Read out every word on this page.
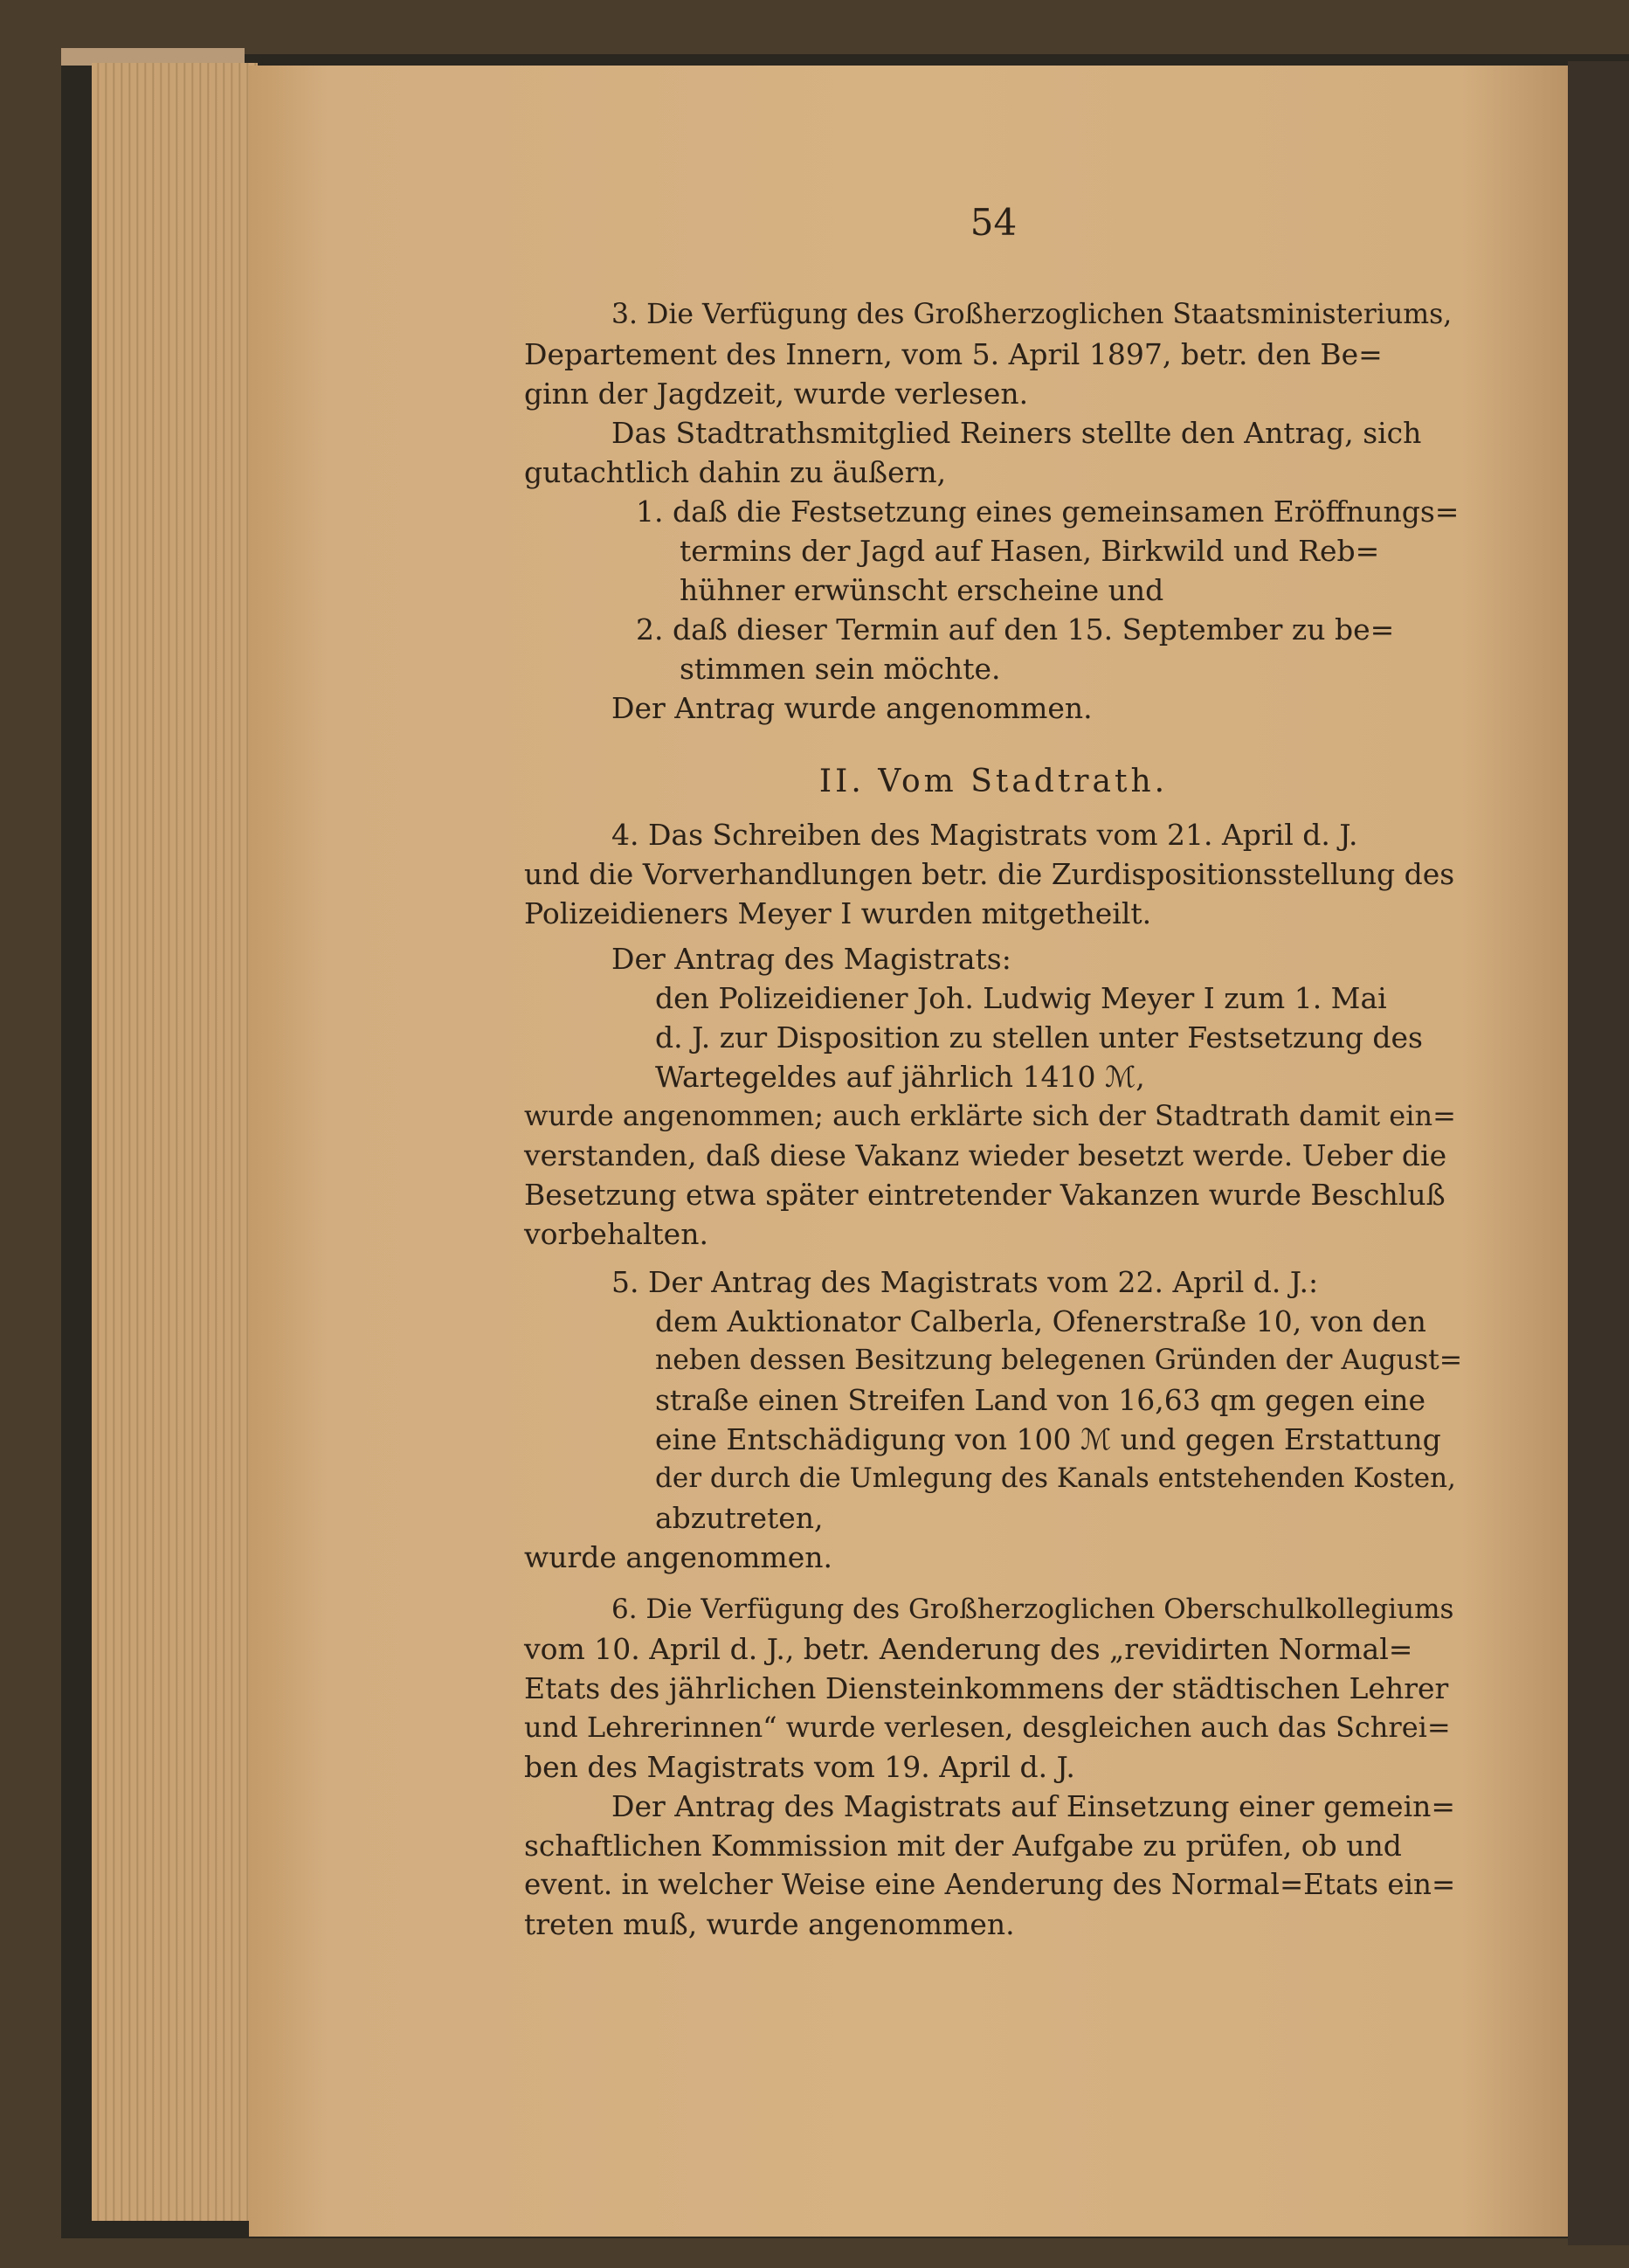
54
3. Die Verfügung des Großherzoglichen Staatsministeriums,
Departement des Innern, vom 5. April 1897, betr. den Be=
ginn der Jagdzeit, wurde verlesen.
Das Stadtrathsmitglied Reiners stellte den Antrag, sich
gutachtlich dahin zu äußern,
1. daß die Festsetzung eines gemeinsamen Eröffnungs=
termins der Jagd auf Hasen, Birkwild und Reb=
hühner erwünscht erscheine und
2. daß dieser Termin auf den 15. September zu be=
stimmen sein möchte.
Der Antrag wurde angenommen.
II. Vom Stadtrath.
4. Das Schreiben des Magistrats vom 21. April d. J.
und die Vorverhandlungen betr. die Zurdispositionsstellung des
Polizeidieners Meyer I wurden mitgetheilt.
Der Antrag des Magistrats:
den Polizeidiener Joh. Ludwig Meyer I zum 1. Mai
d. J. zur Disposition zu stellen unter Festsetzung des
Wartegeldes auf jährlich 1410 ℳ,
wurde angenommen; auch erklärte sich der Stadtrath damit ein=
verstanden, daß diese Vakanz wieder besetzt werde. Ueber die
Besetzung etwa später eintretender Vakanzen wurde Beschluß
vorbehalten.
5. Der Antrag des Magistrats vom 22. April d. J.:
dem Auktionator Calberla, Ofenerstraße 10, von den
neben dessen Besitzung belegenen Gründen der August=
straße einen Streifen Land von 16,63 qm gegen eine
eine Entschädigung von 100 ℳ und gegen Erstattung
der durch die Umlegung des Kanals entstehenden Kosten,
abzutreten,
wurde angenommen.
6. Die Verfügung des Großherzoglichen Oberschulkollegiums
vom 10. April d. J., betr. Aenderung des „revidirten Normal=
Etats des jährlichen Diensteinkommens der städtischen Lehrer
und Lehrerinnen“ wurde verlesen, desgleichen auch das Schrei=
ben des Magistrats vom 19. April d. J.
Der Antrag des Magistrats auf Einsetzung einer gemein=
schaftlichen Kommission mit der Aufgabe zu prüfen, ob und
event. in welcher Weise eine Aenderung des Normal=Etats ein=
treten muß, wurde angenommen.
